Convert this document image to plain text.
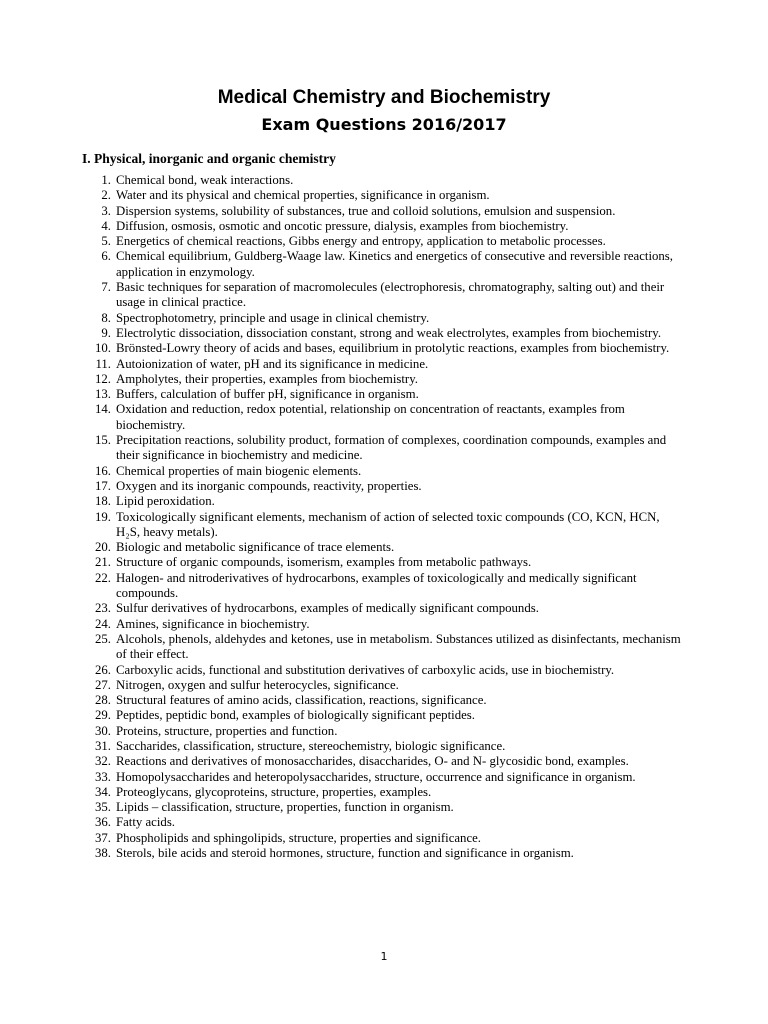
Medical Chemistry and Biochemistry
Exam Questions 2016/2017
I. Physical, inorganic and organic chemistry
1. Chemical bond, weak interactions.
2. Water and its physical and chemical properties, significance in organism.
3. Dispersion systems, solubility of substances, true and colloid solutions, emulsion and suspension.
4. Diffusion, osmosis, osmotic and oncotic pressure, dialysis, examples from biochemistry.
5. Energetics of chemical reactions, Gibbs energy and entropy, application to metabolic processes.
6. Chemical equilibrium, Guldberg-Waage law. Kinetics and energetics of consecutive and reversible reactions, application in enzymology.
7. Basic techniques for separation of macromolecules (electrophoresis, chromatography, salting out) and their usage in clinical practice.
8. Spectrophotometry, principle and usage in clinical chemistry.
9. Electrolytic dissociation, dissociation constant, strong and weak electrolytes, examples from biochemistry.
10. Brönsted-Lowry theory of acids and bases, equilibrium in protolytic reactions, examples from biochemistry.
11. Autoionization of water, pH and its significance in medicine.
12. Ampholytes, their properties, examples from biochemistry.
13. Buffers, calculation of buffer pH, significance in organism.
14. Oxidation and reduction, redox potential, relationship on concentration of reactants, examples from biochemistry.
15. Precipitation reactions, solubility product, formation of complexes, coordination compounds, examples and their significance in biochemistry and medicine.
16. Chemical properties of main biogenic elements.
17. Oxygen and its inorganic compounds, reactivity, properties.
18. Lipid peroxidation.
19. Toxicologically significant elements, mechanism of action of selected toxic compounds (CO, KCN, HCN, H₂S, heavy metals).
20. Biologic and metabolic significance of trace elements.
21. Structure of organic compounds, isomerism, examples from metabolic pathways.
22. Halogen- and nitroderivatives of hydrocarbons, examples of toxicologically and medically significant compounds.
23. Sulfur derivatives of hydrocarbons, examples of medically significant compounds.
24. Amines, significance in biochemistry.
25. Alcohols, phenols, aldehydes and ketones, use in metabolism. Substances utilized as disinfectants, mechanism of their effect.
26. Carboxylic acids, functional and substitution derivatives of carboxylic acids, use in biochemistry.
27. Nitrogen, oxygen and sulfur heterocycles, significance.
28. Structural features of amino acids, classification, reactions, significance.
29. Peptides, peptidic bond, examples of biologically significant peptides.
30. Proteins, structure, properties and function.
31. Saccharides, classification, structure, stereochemistry, biologic significance.
32. Reactions and derivatives of monosaccharides, disaccharides, O- and N- glycosidic bond, examples.
33. Homopolysaccharides and heteropolysaccharides, structure, occurrence and significance in organism.
34. Proteoglycans, glycoproteins, structure, properties, examples.
35. Lipids – classification, structure, properties, function in organism.
36. Fatty acids.
37. Phospholipids and sphingolipids, structure, properties and significance.
38. Sterols, bile acids and steroid hormones, structure, function and significance in organism.
1
